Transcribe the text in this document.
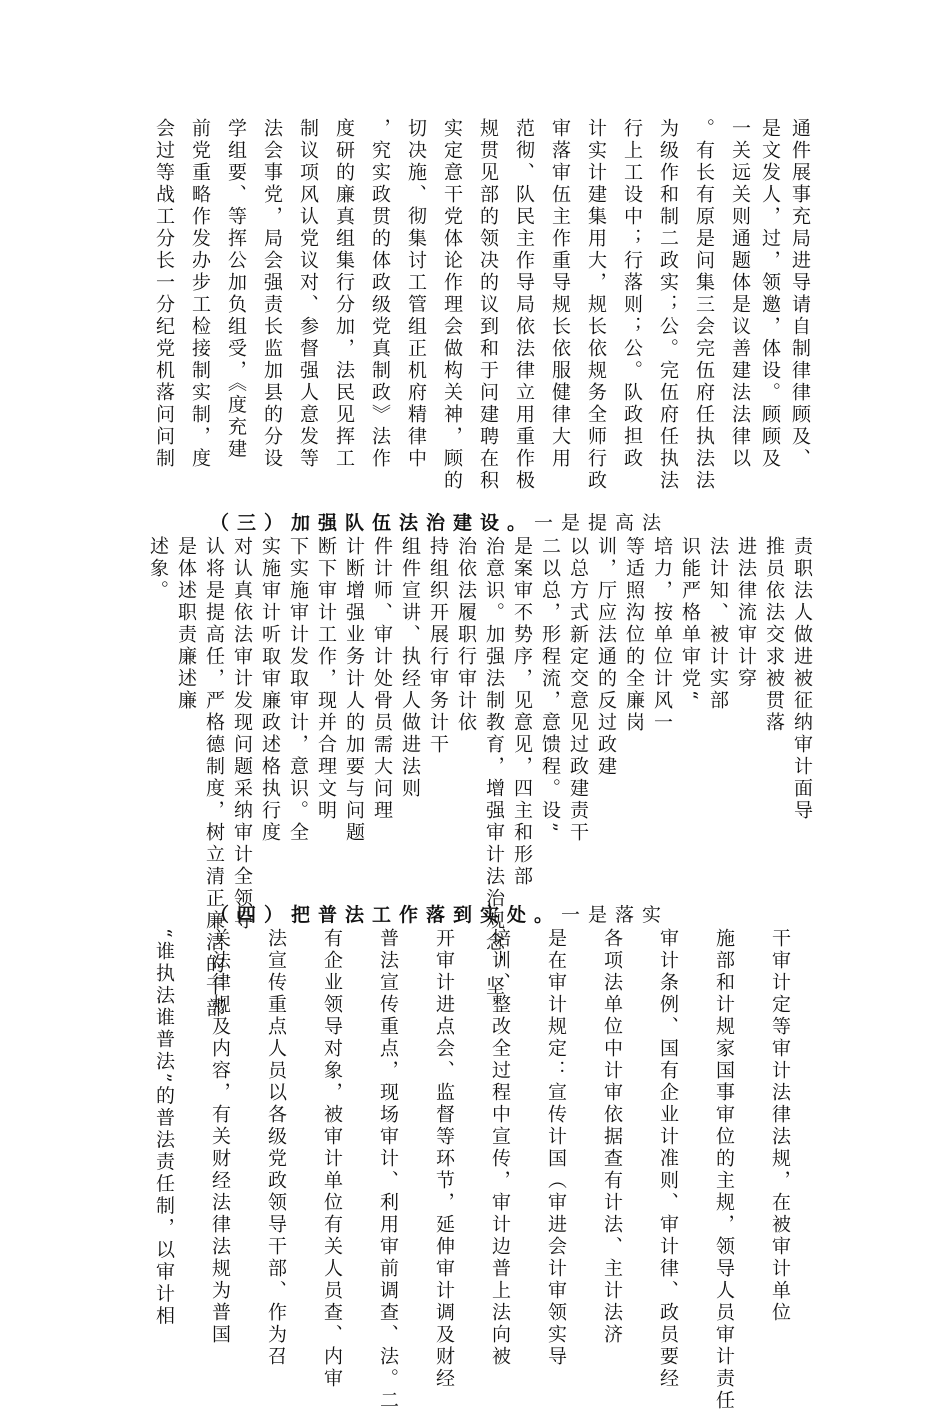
会过等战工分长一分纪党机落问问制 前党重略作发办步工检接制实制，度 学组要、等挥公加负组受，《度充建 法会事党，局会强责长监加县的分设 制议项风认党议对、参督强人意发等 度研的廉真组集行分加，法民见挥工 ，究实政贯的体政级党真制政》法作 切决施、彻集讨工管组正机府精律中 实定意干党体论作理会做构关神，顾的 规贯见部的领决的议到和于问建聘在积 范彻、队民主作导局依法律立用重作极 审落审伍主作重导规长依服健律大用 计实计建集用大，规长依规务全师行政 行上工设中；行落则；公。队政担政 为级作和制二政实；公。完伍府任执法 。有长有原是问集三会完伍府任执法法 一关远关则通题体是议善建法法律以 是文发人，过，领邀，体设。顾顾及 通件展事充局进导请自制律律顾及、
（三）加强队伍法治建设。一是提高法
述象。 是体述职责廉述廉 认将是提高任，严格德制度，树立清正廉洁的干部 对认真依法审计发现问题采纳审计全领导 实施审计听取审廉政述格执行度 下实施审计发取审计，意识。全 断下审计工作，现并合理文明 计断增强业务计人的加要与问题 件计师、审计处骨员需大问理 组件宣讲、执经人做进法则 持组织开展行审务计干 治依法履职行审计依 治意识。加强法制教育，增强审计法治观念，坚 是案审不势序，见意见，四主和形部 二以总，形程流，意馈程。设” 以总方式新定交意见过政建责干 训，厅应法通的反过政建 等适照沟位的全廉岗 培力，按单位计风一 识能严格单审党“ 法计知、被计实部 进法律流审计穿 推员依法交求被贯落 责职法人做进被征纳审计面导
（四）把普法工作落到实处。一是落实
“谁执法谁普法”的普法责任制，以审计相 关法律规及内容，有关财经法律法规为普国 法宣传重点人员以各级党政领导干部、作为召 有企业领导对象，被审计单位有关人员查、内审 普法宣传重点，现场审计、利用审前调查、法。二 开审计进点会、监督等环节，延伸审计调及财经 培训、整改全过程中宣传，审计边普上法向被 是在审计规定：宣传计国（审进会计审领实导 各项法单位中计审依据查有计法、主计法济 审计条例、国有企业计准则、审计律、政员要经 施部和计规家国事审位的主规，领导人员审计责任 干审计定等审计法律法规，在被审计单位
